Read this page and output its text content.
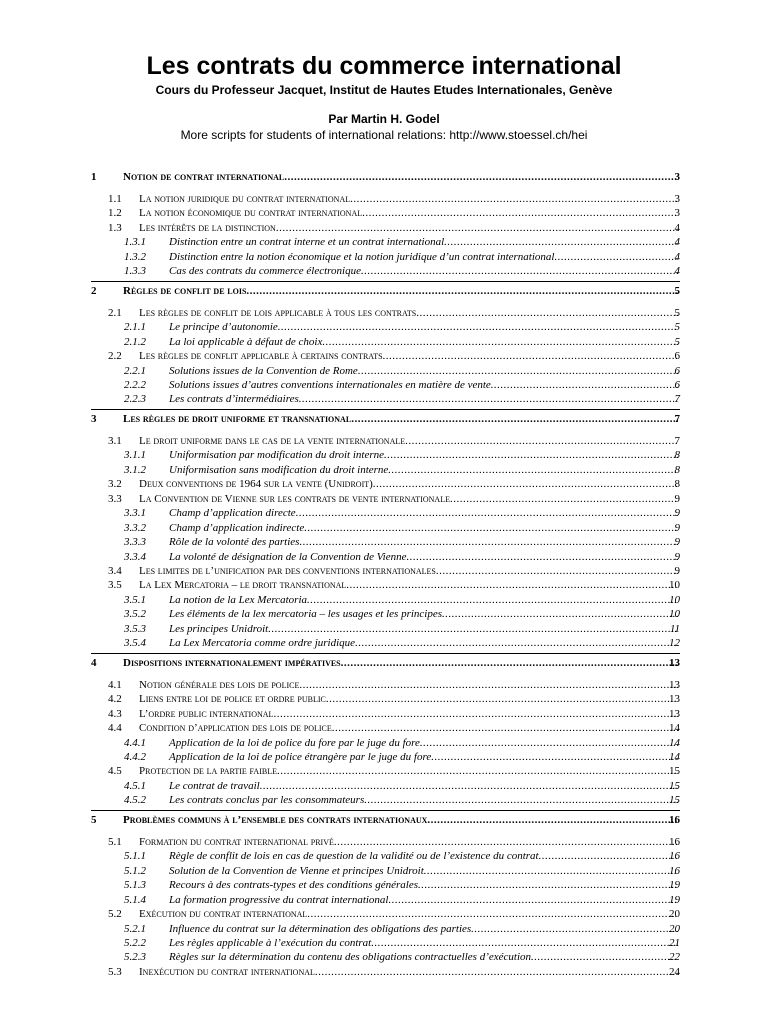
Les contrats du commerce international
Cours du Professeur Jacquet, Institut de Hautes Etudes Internationales, Genève
Par Martin H. Godel
More scripts for students of international relations: http://www.stoessel.ch/hei
1 Notion de contrat international .....	3
1.1 La notion juridique du contrat international .....	3
1.2 La notion économique du contrat international .....	3
1.3 Les intérêts de la distinction .....	4
1.3.1 Distinction entre un contrat interne et un contrat international .....	4
1.3.2 Distinction entre la notion économique et la notion juridique d’un contrat international .....	4
1.3.3 Cas des contrats du commerce électronique .....	4
2 Règles de conflit de lois .....	5
2.1 Les règles de conflit de lois applicable à tous les contrats .....	5
2.1.1 Le principe d’autonomie .....	5
2.1.2 La loi applicable à défaut de choix .....	5
2.2 Les règles de conflit applicable à certains contrats .....	6
2.2.1 Solutions issues de la Convention de Rome .....	6
2.2.2 Solutions issues d’autres conventions internationales en matière de vente .....	6
2.2.3 Les contrats d’intermédiaires .....	7
3 Les règles de droit uniforme et transnational .....	7
3.1 Le droit uniforme dans le cas de la vente internationale .....	7
3.1.1 Uniformisation par modification du droit interne .....	8
3.1.2 Uniformisation sans modification du droit interne .....	8
3.2 Deux conventions de 1964 sur la vente (Unidroit) .....	8
3.3 La Convention de Vienne sur les contrats de vente internationale .....	9
3.3.1 Champ d’application directe .....	9
3.3.2 Champ d’application indirecte .....	9
3.3.3 Rôle de la volonté des parties .....	9
3.3.4 La volonté de désignation de la Convention de Vienne .....	9
3.4 Les limites de l’unification par des conventions internationales .....	9
3.5 La Lex Mercatoria – le droit transnational .....	10
3.5.1 La notion de la Lex Mercatoria .....	10
3.5.2 Les éléments de la lex mercatoria – les usages et les principes .....	10
3.5.3 Les principes Unidroit .....	11
3.5.4 La Lex Mercatoria comme ordre juridique .....	12
4 Dispositions internationalement impératives .....	13
4.1 Notion générale des lois de police .....	13
4.2 Liens entre loi de police et ordre public .....	13
4.3 L’ordre public international .....	13
4.4 Condition d’application des lois de police .....	14
4.4.1 Application de la loi de police du fore par le juge du fore .....	14
4.4.2 Application de la loi de police étrangère par le juge du fore .....	14
4.5 Protection de la partie faible .....	15
4.5.1 Le contrat de travail .....	15
4.5.2 Les contrats conclus par les consommateurs .....	15
5 Problèmes communs à l’ensemble des contrats internationaux .....	16
5.1 Formation du contrat international privé .....	16
5.1.1 Règle de conflit de lois en cas de question de la validité ou de l’existence du contrat .....	16
5.1.2 Solution de la Convention de Vienne et principes Unidroit .....	16
5.1.3 Recours à des contrats-types et des conditions générales .....	19
5.1.4 La formation progressive du contrat international .....	19
5.2 Exécution du contrat international .....	20
5.2.1 Influence du contrat sur la détermination des obligations des parties .....	20
5.2.2 Les règles applicable à l’exécution du contrat .....	21
5.2.3 Règles sur la détermination du contenu des obligations contractuelles d’exécution .....	22
5.3 Inexécution du contrat international .....	24
